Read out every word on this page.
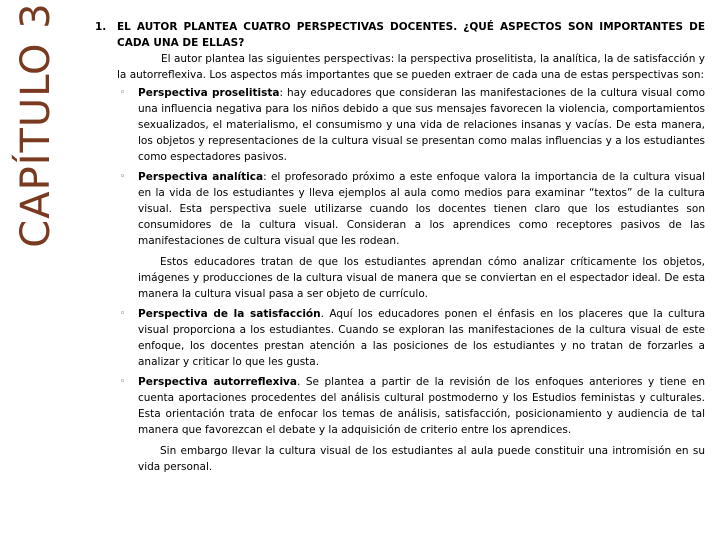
CAPÍTULO 3	1. EL AUTOR PLANTEA CUATRO PERSPECTIVAS DOCENTES. ¿QUÉ ASPECTOS SON IMPORTANTES DE CADA UNA DE ELLAS?

El autor plantea las siguientes perspectivas: la perspectiva proselitista, la analítica, la de satisfacción y la autorreflexiva. Los aspectos más importantes que se pueden extraer de cada una de estas perspectivas son:

◦ Perspectiva proselitista: hay educadores que consideran las manifestaciones de la cultura visual como una influencia negativa para los niños debido a que sus mensajes favorecen la violencia, comportamientos sexualizados, el materialismo, el consumismo y una vida de relaciones insanas y vacías. De esta manera, los objetos y representaciones de la cultura visual se presentan como malas influencias y a los estudiantes como espectadores pasivos.

◦ Perspectiva analítica: el profesorado próximo a este enfoque valora la importancia de la cultura visual en la vida de los estudiantes y lleva ejemplos al aula como medios para examinar “textos” de la cultura visual. Esta perspectiva suele utilizarse cuando los docentes tienen claro que los estudiantes son consumidores de la cultura visual. Consideran a los aprendices como receptores pasivos de las manifestaciones de cultura visual que les rodean.

Estos educadores tratan de que los estudiantes aprendan cómo analizar críticamente los objetos, imágenes y producciones de la cultura visual de manera que se conviertan en el espectador ideal. De esta manera la cultura visual pasa a ser objeto de currículo.

◦ Perspectiva de la satisfacción. Aquí los educadores ponen el énfasis en los placeres que la cultura visual proporciona a los estudiantes. Cuando se exploran las manifestaciones de la cultura visual de este enfoque, los docentes prestan atención a las posiciones de los estudiantes y no tratan de forzarles a analizar y criticar lo que les gusta.

◦ Perspectiva autorreflexiva. Se plantea a partir de la revisión de los enfoques anteriores y tiene en cuenta aportaciones procedentes del análisis cultural postmoderno y los Estudios feministas y culturales. Esta orientación trata de enfocar los temas de análisis, satisfacción, posicionamiento y audiencia de tal manera que favorezcan el debate y la adquisición de criterio entre los aprendices.

Sin embargo llevar la cultura visual de los estudiantes al aula puede constituir una intromisión en su vida personal.
